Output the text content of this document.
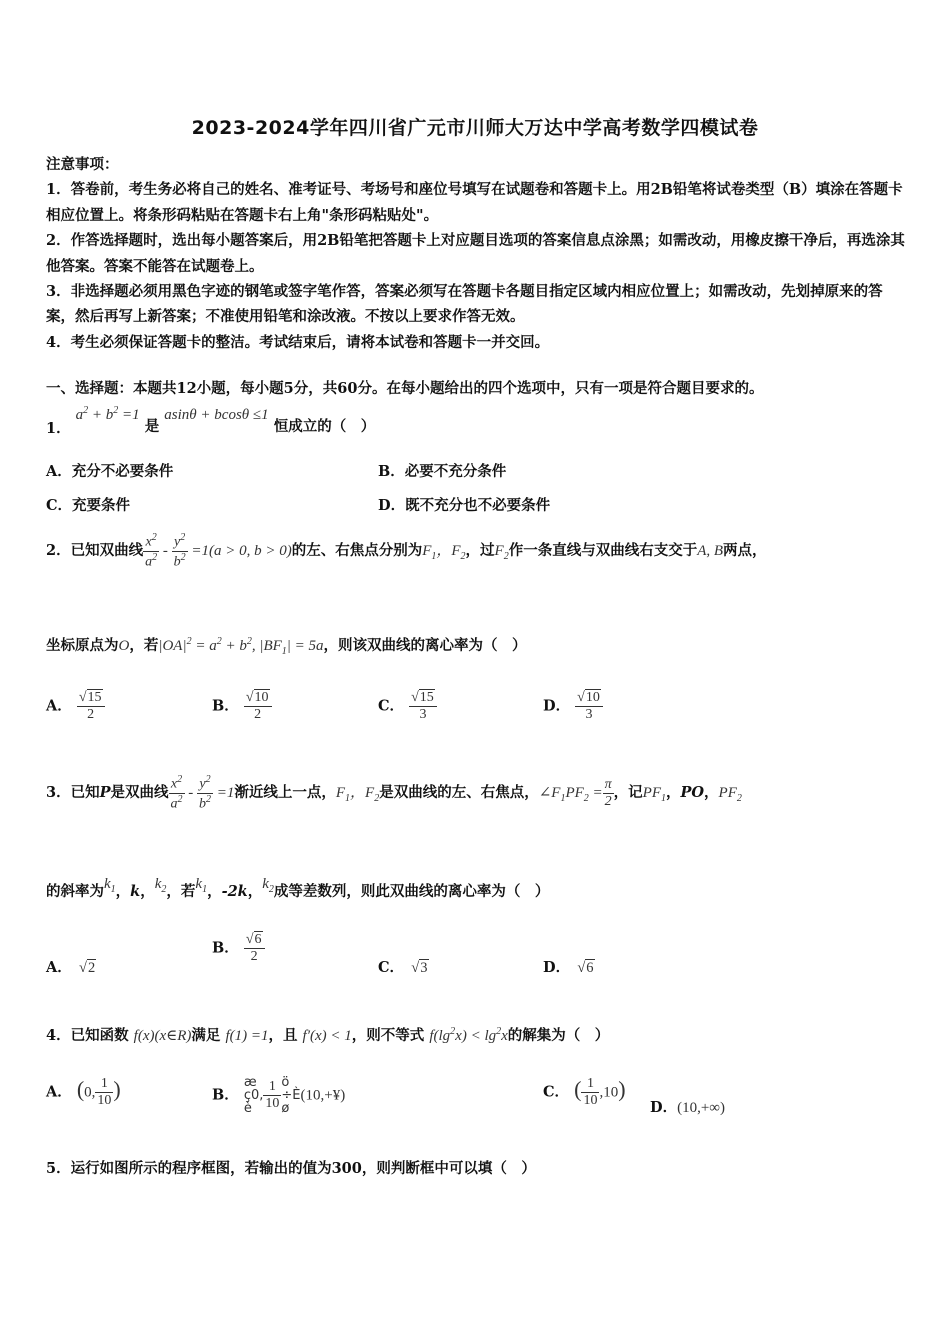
2023-2024学年四川省广元市川师大万达中学高考数学四模试卷

注意事项：

1．答卷前，考生务必将自己的姓名、准考证号、考场号和座位号填写在试题卷和答题卡上。用2B铅笔将试卷类型（B）填涂在答题卡相应位置上。将条形码粘贴在答题卡右上角"条形码粘贴处"。

2．作答选择题时，选出每小题答案后，用2B铅笔把答题卡上对应题目选项的答案信息点涂黑；如需改动，用橡皮擦干净后，再选涂其他答案。答案不能答在试题卷上。

3．非选择题必须用黑色字迹的钢笔或签字笔作答，答案必须写在答题卡各题目指定区域内相应位置上；如需改动，先划掉原来的答案，然后再写上新答案；不准使用铅笔和涂改液。不按以上要求作答无效。

4．考生必须保证答题卡的整洁。考试结束后，请将本试卷和答题卡一并交回。

一、选择题：本题共12小题，每小题5分，共60分。在每小题给出的四个选项中，只有一项是符合题目要求的。
1． $a^2 + b^2 =1$ 是 asinθ + bcosθ ≤1 恒成立的（　）
A．充分不必要条件	B．必要不充分条件
C．充要条件	D．既不充分也不必要条件
2．已知双曲线 $\frac{x^2}{a^2} - \frac{y^2}{b^2} =1(a > 0$, b > 0)的左、右焦点分别为$F_1$，$F_2$，过$F_2$作一条直线与双曲线右支交于A, B两点，
坐标原点为O，若$|OA|^2 = a^2 + b^2$, $|BF_1| = 5a$，则该双曲线的离心率为（　）
A． $\frac{√15}{2}$	B． $\frac{√10}{2}$	C． $\frac{√15}{3}$	D． $\frac{√10}{3}$
3．已知P是双曲线 $\frac{x^2}{a^2} - \frac{y^2}{b^2} =1$渐近线上一点，$F_1$，$F_2$是双曲线的左、右焦点，$\angle F_1PF_2 = \frac{\pi}{2}$ ，记$PF_1$，PO，$PF_2$
的斜率为$k_1$，k，$k_2$，若$k_1$，-2k，$k_2$成等差数列，则此双曲线的离心率为（　）
A．　 √2
B． $\frac{√6}{2}$
C．　 √3	D．　 √6
4．已知函数 f(x)(x∈R)满足 f(1) =1，且 f′(x) < 1，则不等式 $f(\lg^2x) < \lg^2x$的解集为（　）
A． (0, $\frac{1}{10}$ )	B． æ
ç0,
è $\frac{1}{10}$ ö
÷È
ø(10,+¥)	C． ( $\frac{1}{10} ,10$)
D．(10,+∞)
5．运行如图所示的程序框图，若输出的值为300，则判断框中可以填（　）
